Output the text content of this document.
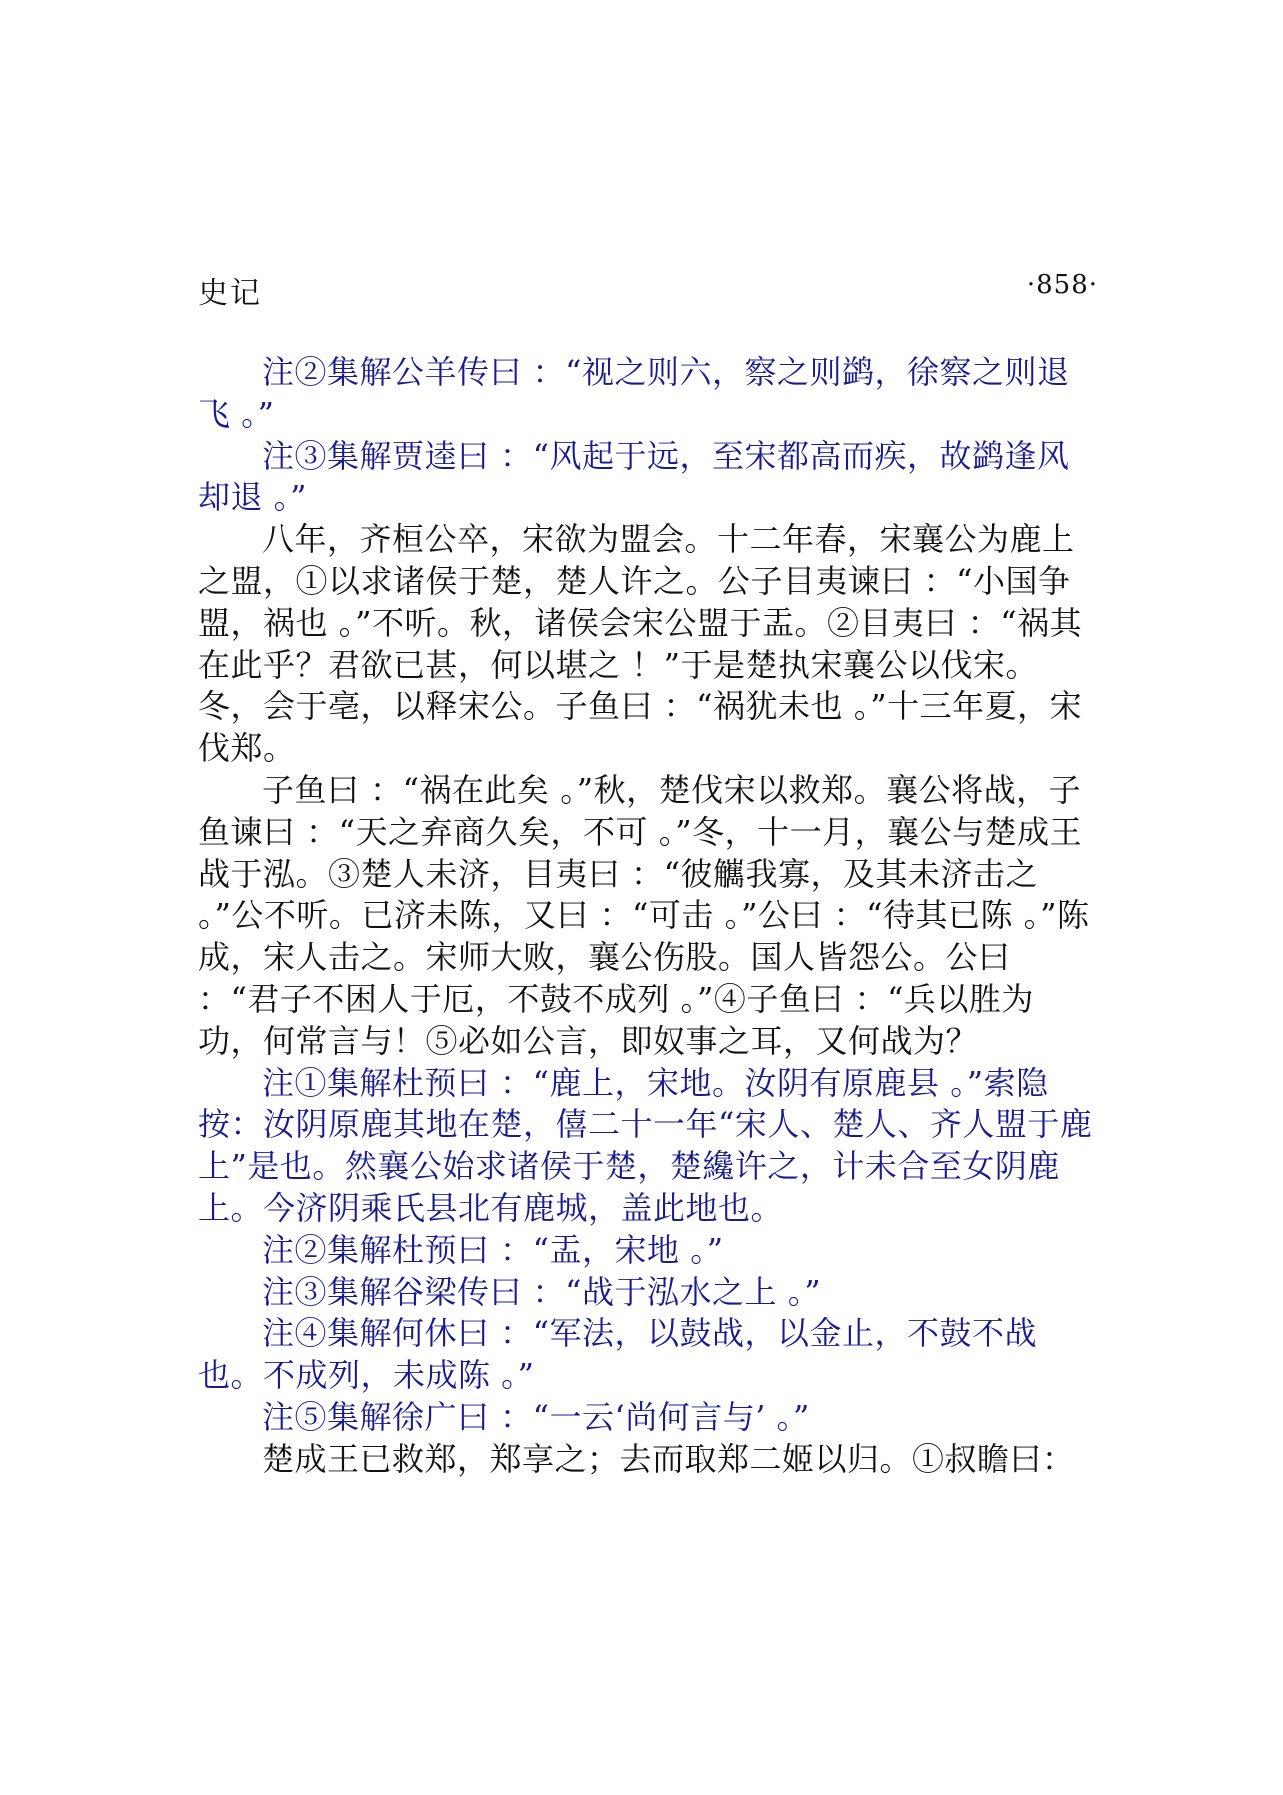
史记	·858·

注②集解公羊传曰 ：“视之则六，察之则鹢，徐察之则退飞 。”

注③集解贾逵曰 ：“风起于远，至宋都高而疾，故鹢逢风却退 。”

八年，齐桓公卒，宋欲为盟会。十二年春，宋襄公为鹿上之盟，①以求诸侯于楚，楚人许之。公子目夷谏曰 ：“小国争盟，祸也 。”不听。秋，诸侯会宋公盟于盂。②目夷曰 ：“祸其在此乎？君欲已甚，何以堪之 ！”于是楚执宋襄公以伐宋。冬，会于亳，以释宋公。子鱼曰 ：“祸犹未也 。”十三年夏，宋伐郑。

子鱼曰 ：“祸在此矣 。”秋，楚伐宋以救郑。襄公将战，子鱼谏曰 ：“天之弃商久矣，不可 。”冬，十一月，襄公与楚成王战于泓。③楚人未济，目夷曰 ：“彼觽我寡，及其未济击之 。”公不听。已济未陈，又曰 ：“可击 。”公曰 ：“待其已陈 。”陈成，宋人击之。宋师大败，襄公伤股。国人皆怨公。公曰 ：“君子不困人于厄，不鼓不成列 。”④子鱼曰 ：“兵以胜为功，何常言与！⑤必如公言，即奴事之耳，又何战为？

注①集解杜预曰 ：“鹿上，宋地。汝阴有原鹿县 。”索隐按：汝阴原鹿其地在楚，僖二十一年“宋人、楚人、齐人盟于鹿上”是也。然襄公始求诸侯于楚，楚纔许之，计未合至女阴鹿上。今济阴乘氏县北有鹿城，盖此地也。

注②集解杜预曰 ：“盂，宋地 。”

注③集解谷梁传曰 ：“战于泓水之上 。”

注④集解何休曰 ：“军法，以鼓战，以金止，不鼓不战也。不成列，未成陈 。”

注⑤集解徐广曰 ：“一云‘尚何言与’ 。”

楚成王已救郑，郑享之；去而取郑二姬以归。①叔瞻曰：
